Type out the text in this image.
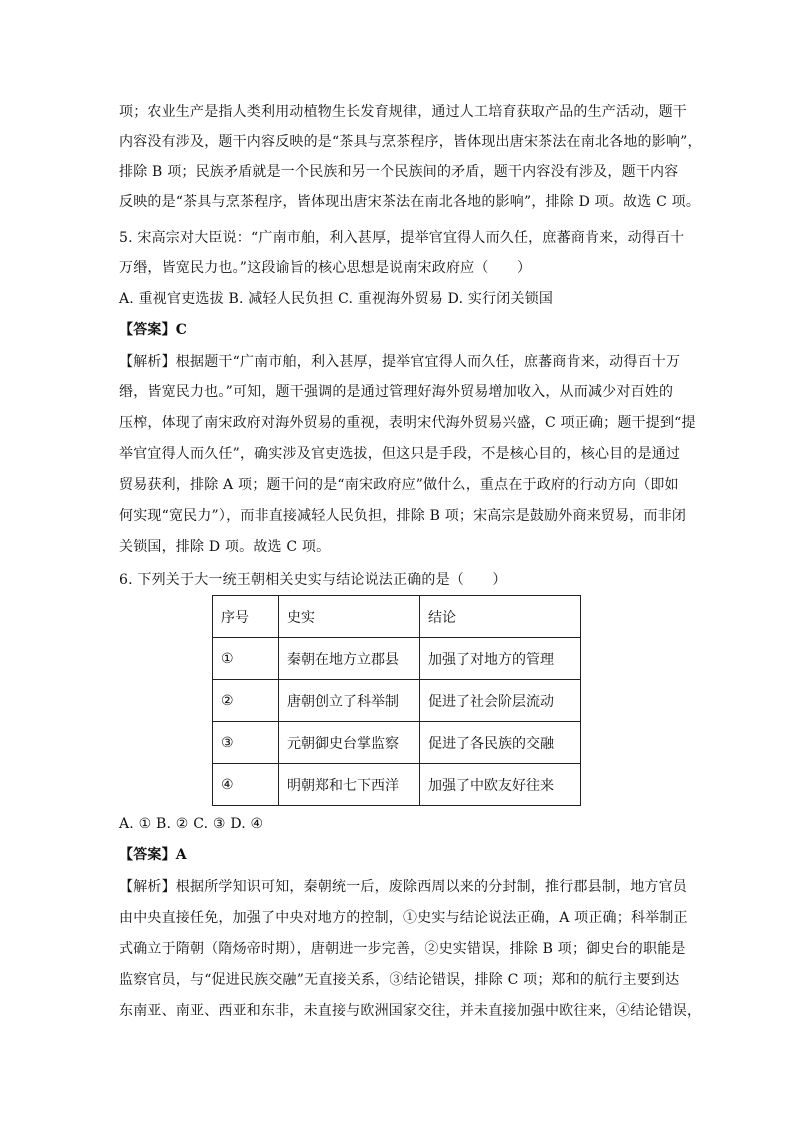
项；农业生产是指人类利用动植物生长发育规律，通过人工培育获取产品的生产活动，题干
内容没有涉及，题干内容反映的是“茶具与烹茶程序，皆体现出唐宋茶法在南北各地的影响”，
排除 B 项；民族矛盾就是一个民族和另一个民族间的矛盾，题干内容没有涉及，题干内容
反映的是“茶具与烹茶程序，皆体现出唐宋茶法在南北各地的影响”，排除 D 项。故选 C 项。
5. 宋高宗对大臣说：“广南市舶，利入甚厚，提举官宜得人而久任，庶蕃商肯来，动得百十
万缗，皆宽民力也。”这段谕旨的核心思想是说南宋政府应（　　）
A. 重视官吏选拔 B. 减轻人民负担 C. 重视海外贸易 D. 实行闭关锁国
【答案】C
【解析】根据题干“广南市舶，利入甚厚，提举官宜得人而久任，庶蕃商肯来，动得百十万
缗，皆宽民力也。”可知，题干强调的是通过管理好海外贸易增加收入，从而减少对百姓的
压榨，体现了南宋政府对海外贸易的重视，表明宋代海外贸易兴盛，C 项正确；题干提到“提
举官宜得人而久任”，确实涉及官吏选拔，但这只是手段，不是核心目的，核心目的是通过
贸易获利，排除 A 项；题干问的是“南宋政府应”做什么，重点在于政府的行动方向（即如
何实现“宽民力”），而非直接减轻人民负担，排除 B 项；宋高宗是鼓励外商来贸易，而非闭
关锁国，排除 D 项。故选 C 项。
6. 下列关于大一统王朝相关史实与结论说法正确的是（　　）
序号	史实	结论
①	秦朝在地方立郡县	加强了对地方的管理
②	唐朝创立了科举制	促进了社会阶层流动
③	元朝御史台掌监察	促进了各民族的交融
④	明朝郑和七下西洋	加强了中欧友好往来
A. ① B. ② C. ③ D. ④
【答案】A
【解析】根据所学知识可知，秦朝统一后，废除西周以来的分封制，推行郡县制，地方官员
由中央直接任免，加强了中央对地方的控制，①史实与结论说法正确，A 项正确；科举制正
式确立于隋朝（隋炀帝时期），唐朝进一步完善，②史实错误，排除 B 项；御史台的职能是
监察官员，与“促进民族交融”无直接关系，③结论错误，排除 C 项；郑和的航行主要到达
东南亚、南亚、西亚和东非，未直接与欧洲国家交往，并未直接加强中欧往来，④结论错误，
